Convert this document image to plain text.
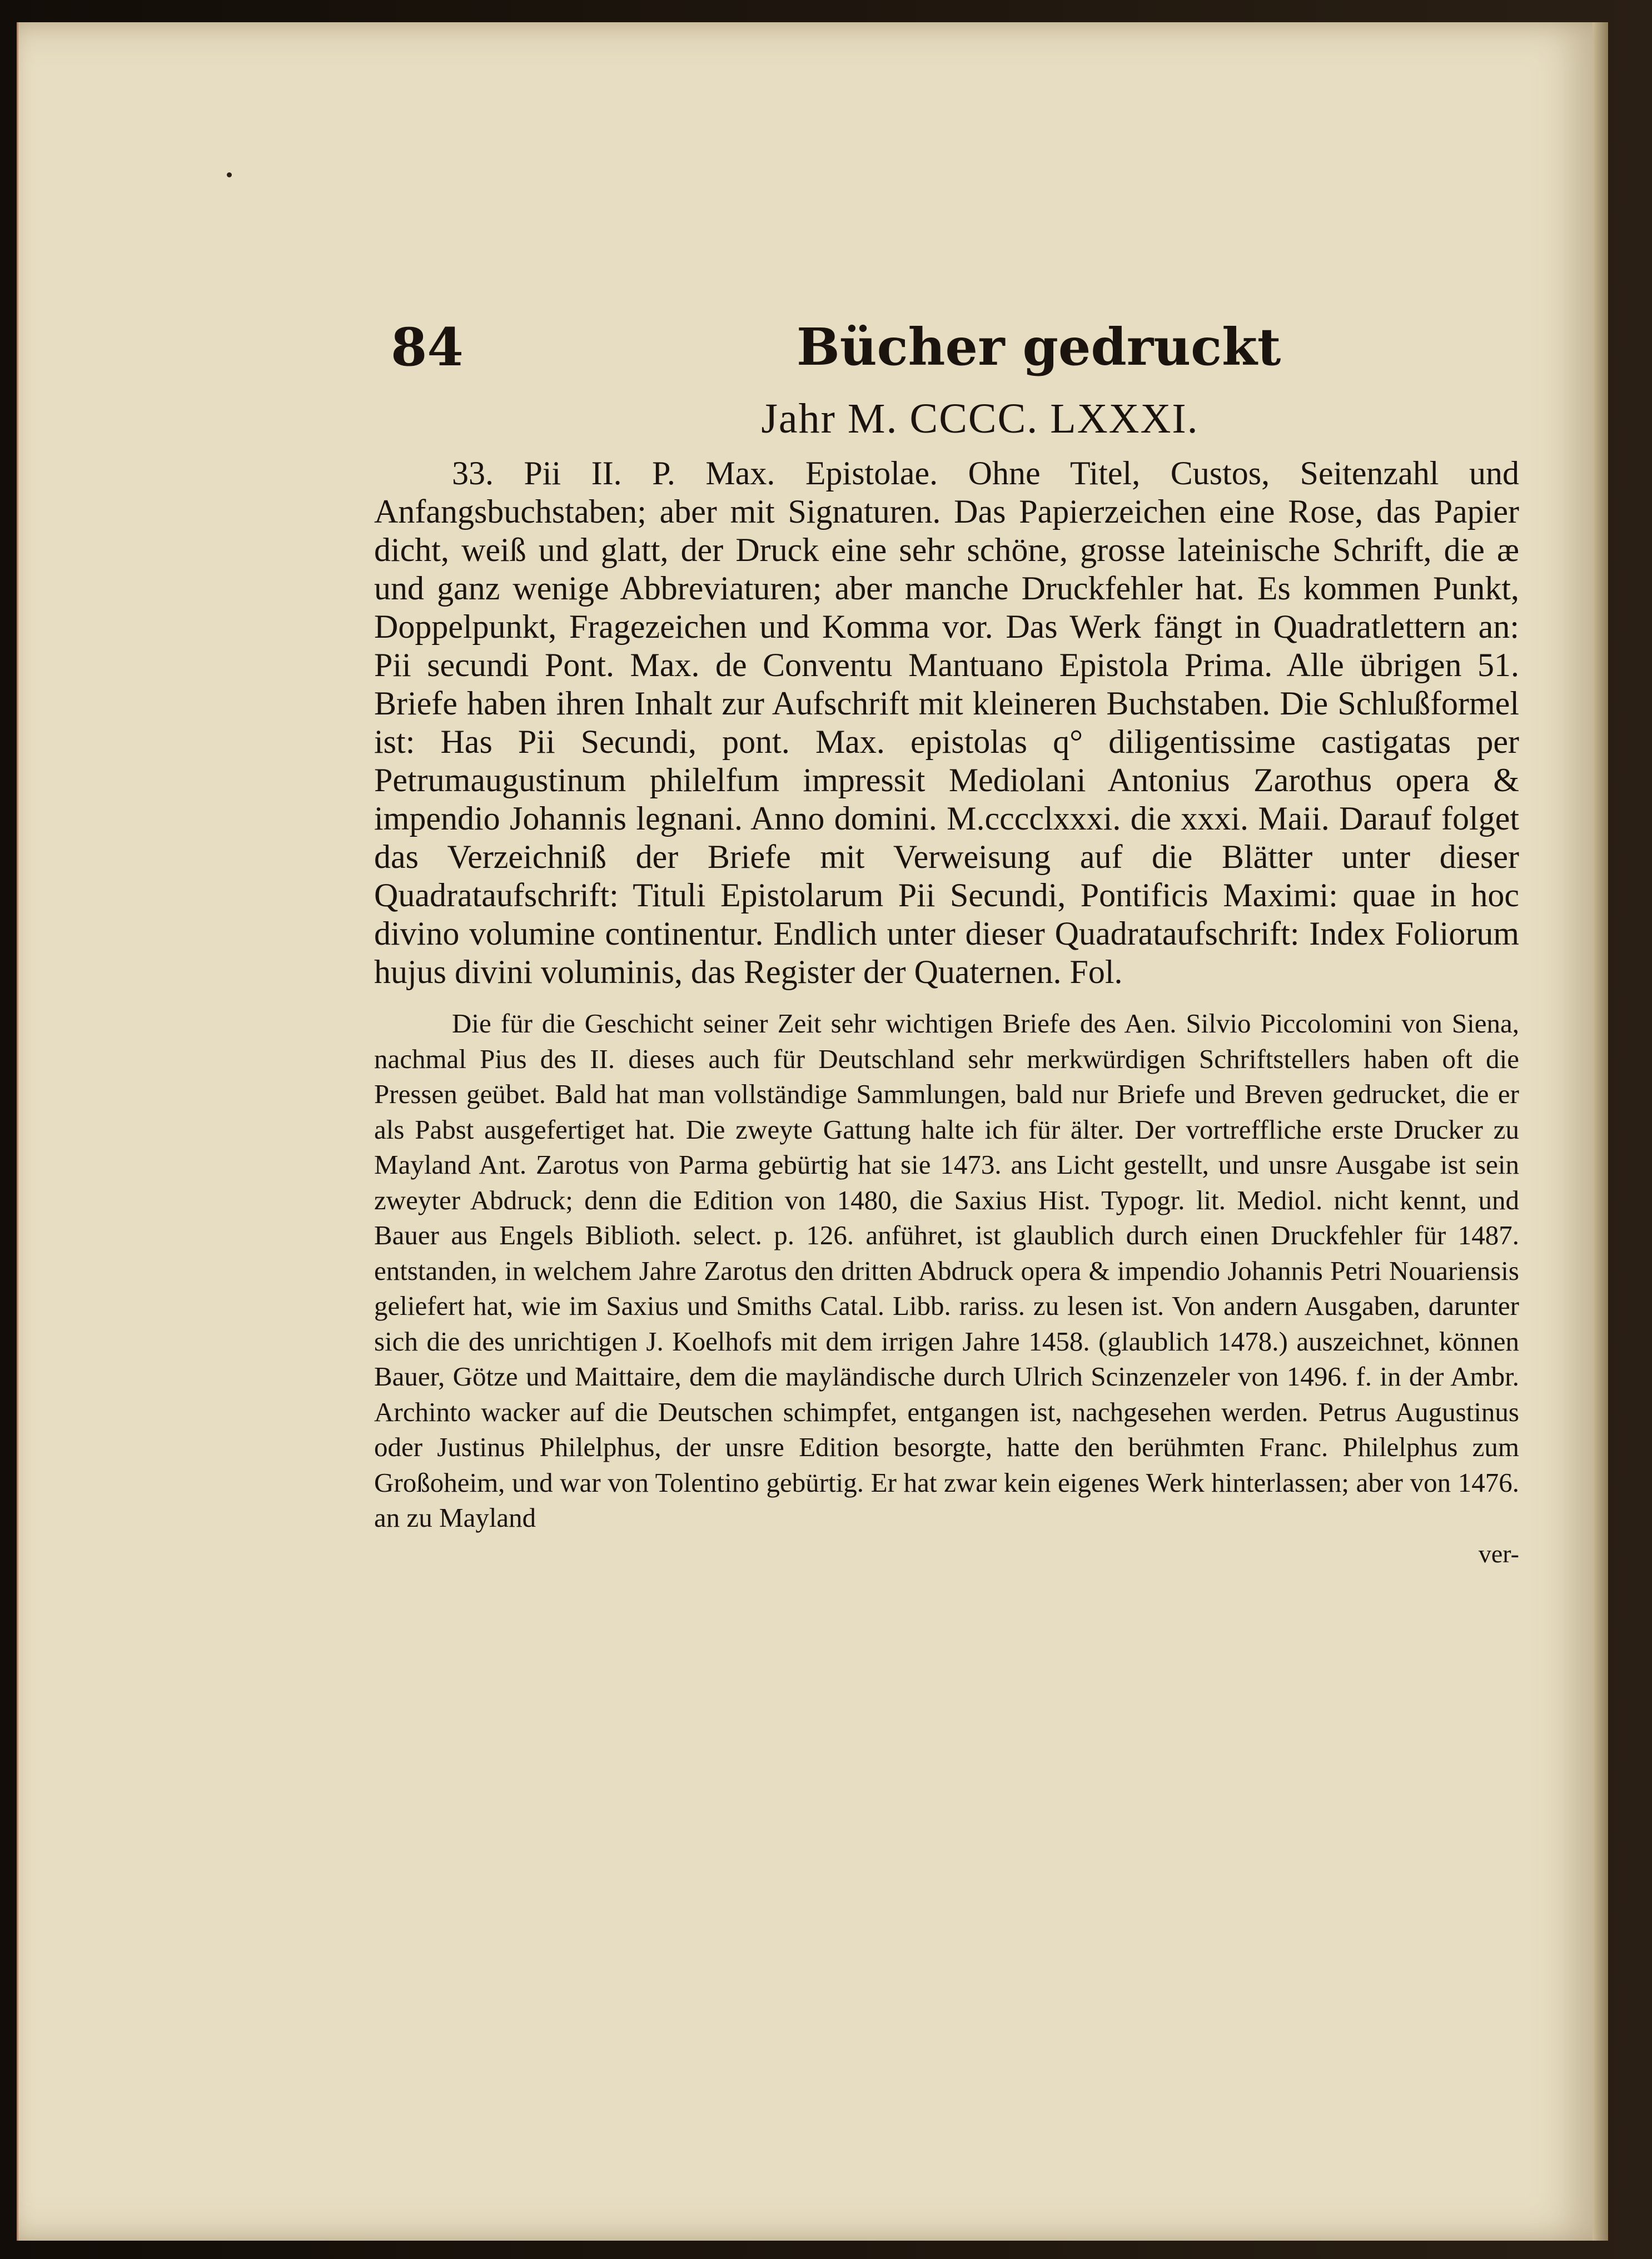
84	Bücher gedruckt
Jahr M. CCCC. LXXXI.

33. Pii II. P. Max. Epistolae. Ohne Titel, Custos, Seitenzahl und Anfangsbuchstaben; aber mit Signaturen. Das Papierzeichen eine Rose, das Papier dicht, weiß und glatt, der Druck eine sehr schöne, grosse lateinische Schrift, die æ und ganz wenige Abbreviaturen; aber manche Druckfehler hat. Es kommen Punkt, Doppelpunkt, Fragezeichen und Komma vor. Das Werk fängt in Quadratlettern an: Pii secundi Pont. Max. de Conventu Mantuano Epistola Prima. Alle übrigen 51. Briefe haben ihren Inhalt zur Aufschrift mit kleineren Buchstaben. Die Schlußformel ist: Has Pii Secundi, pont. Max. epistolas q° diligentissime castigatas per Petrumaugustinum philelfum impressit Mediolani Antonius Zarothus opera & impendio Johannis legnani. Anno domini. M.cccclxxxi. die xxxi. Maii. Darauf folget das Verzeichniß der Briefe mit Verweisung auf die Blätter unter dieser Quadrataufschrift: Tituli Epistolarum Pii Secundi, Pontificis Maximi: quae in hoc divino volumine continentur. Endlich unter dieser Quadrataufschrift: Index Foliorum hujus divini voluminis, das Register der Quaternen. Fol.

Die für die Geschicht seiner Zeit sehr wichtigen Briefe des Aen. Silvio Piccolomini von Siena, nachmal Pius des II. dieses auch für Deutschland sehr merkwürdigen Schriftstellers haben oft die Pressen geübet. Bald hat man vollständige Sammlungen, bald nur Briefe und Breven gedrucket, die er als Pabst ausgefertiget hat. Die zweyte Gattung halte ich für älter. Der vortreffliche erste Drucker zu Mayland Ant. Zarotus von Parma gebürtig hat sie 1473. ans Licht gestellt, und unsre Ausgabe ist sein zweyter Abdruck; denn die Edition von 1480, die Saxius Hist. Typogr. lit. Mediol. nicht kennt, und Bauer aus Engels Biblioth. select. p. 126. anführet, ist glaublich durch einen Druckfehler für 1487. entstanden, in welchem Jahre Zarotus den dritten Abdruck opera & impendio Johannis Petri Nouariensis geliefert hat, wie im Saxius und Smiths Catal. Libb. rariss. zu lesen ist. Von andern Ausgaben, darunter sich die des unrichtigen J. Koelhofs mit dem irrigen Jahre 1458. (glaublich 1478.) auszeichnet, können Bauer, Götze und Maittaire, dem die mayländische durch Ulrich Scinzenzeler von 1496. f. in der Ambr. Archinto wacker auf die Deutschen schimpfet, entgangen ist, nachgesehen werden. Petrus Augustinus oder Justinus Philelphus, der unsre Edition besorgte, hatte den berühmten Franc. Philelphus zum Großoheim, und war von Tolentino gebürtig. Er hat zwar kein eigenes Werk hinterlassen; aber von 1476. an zu Mayland

ver-
